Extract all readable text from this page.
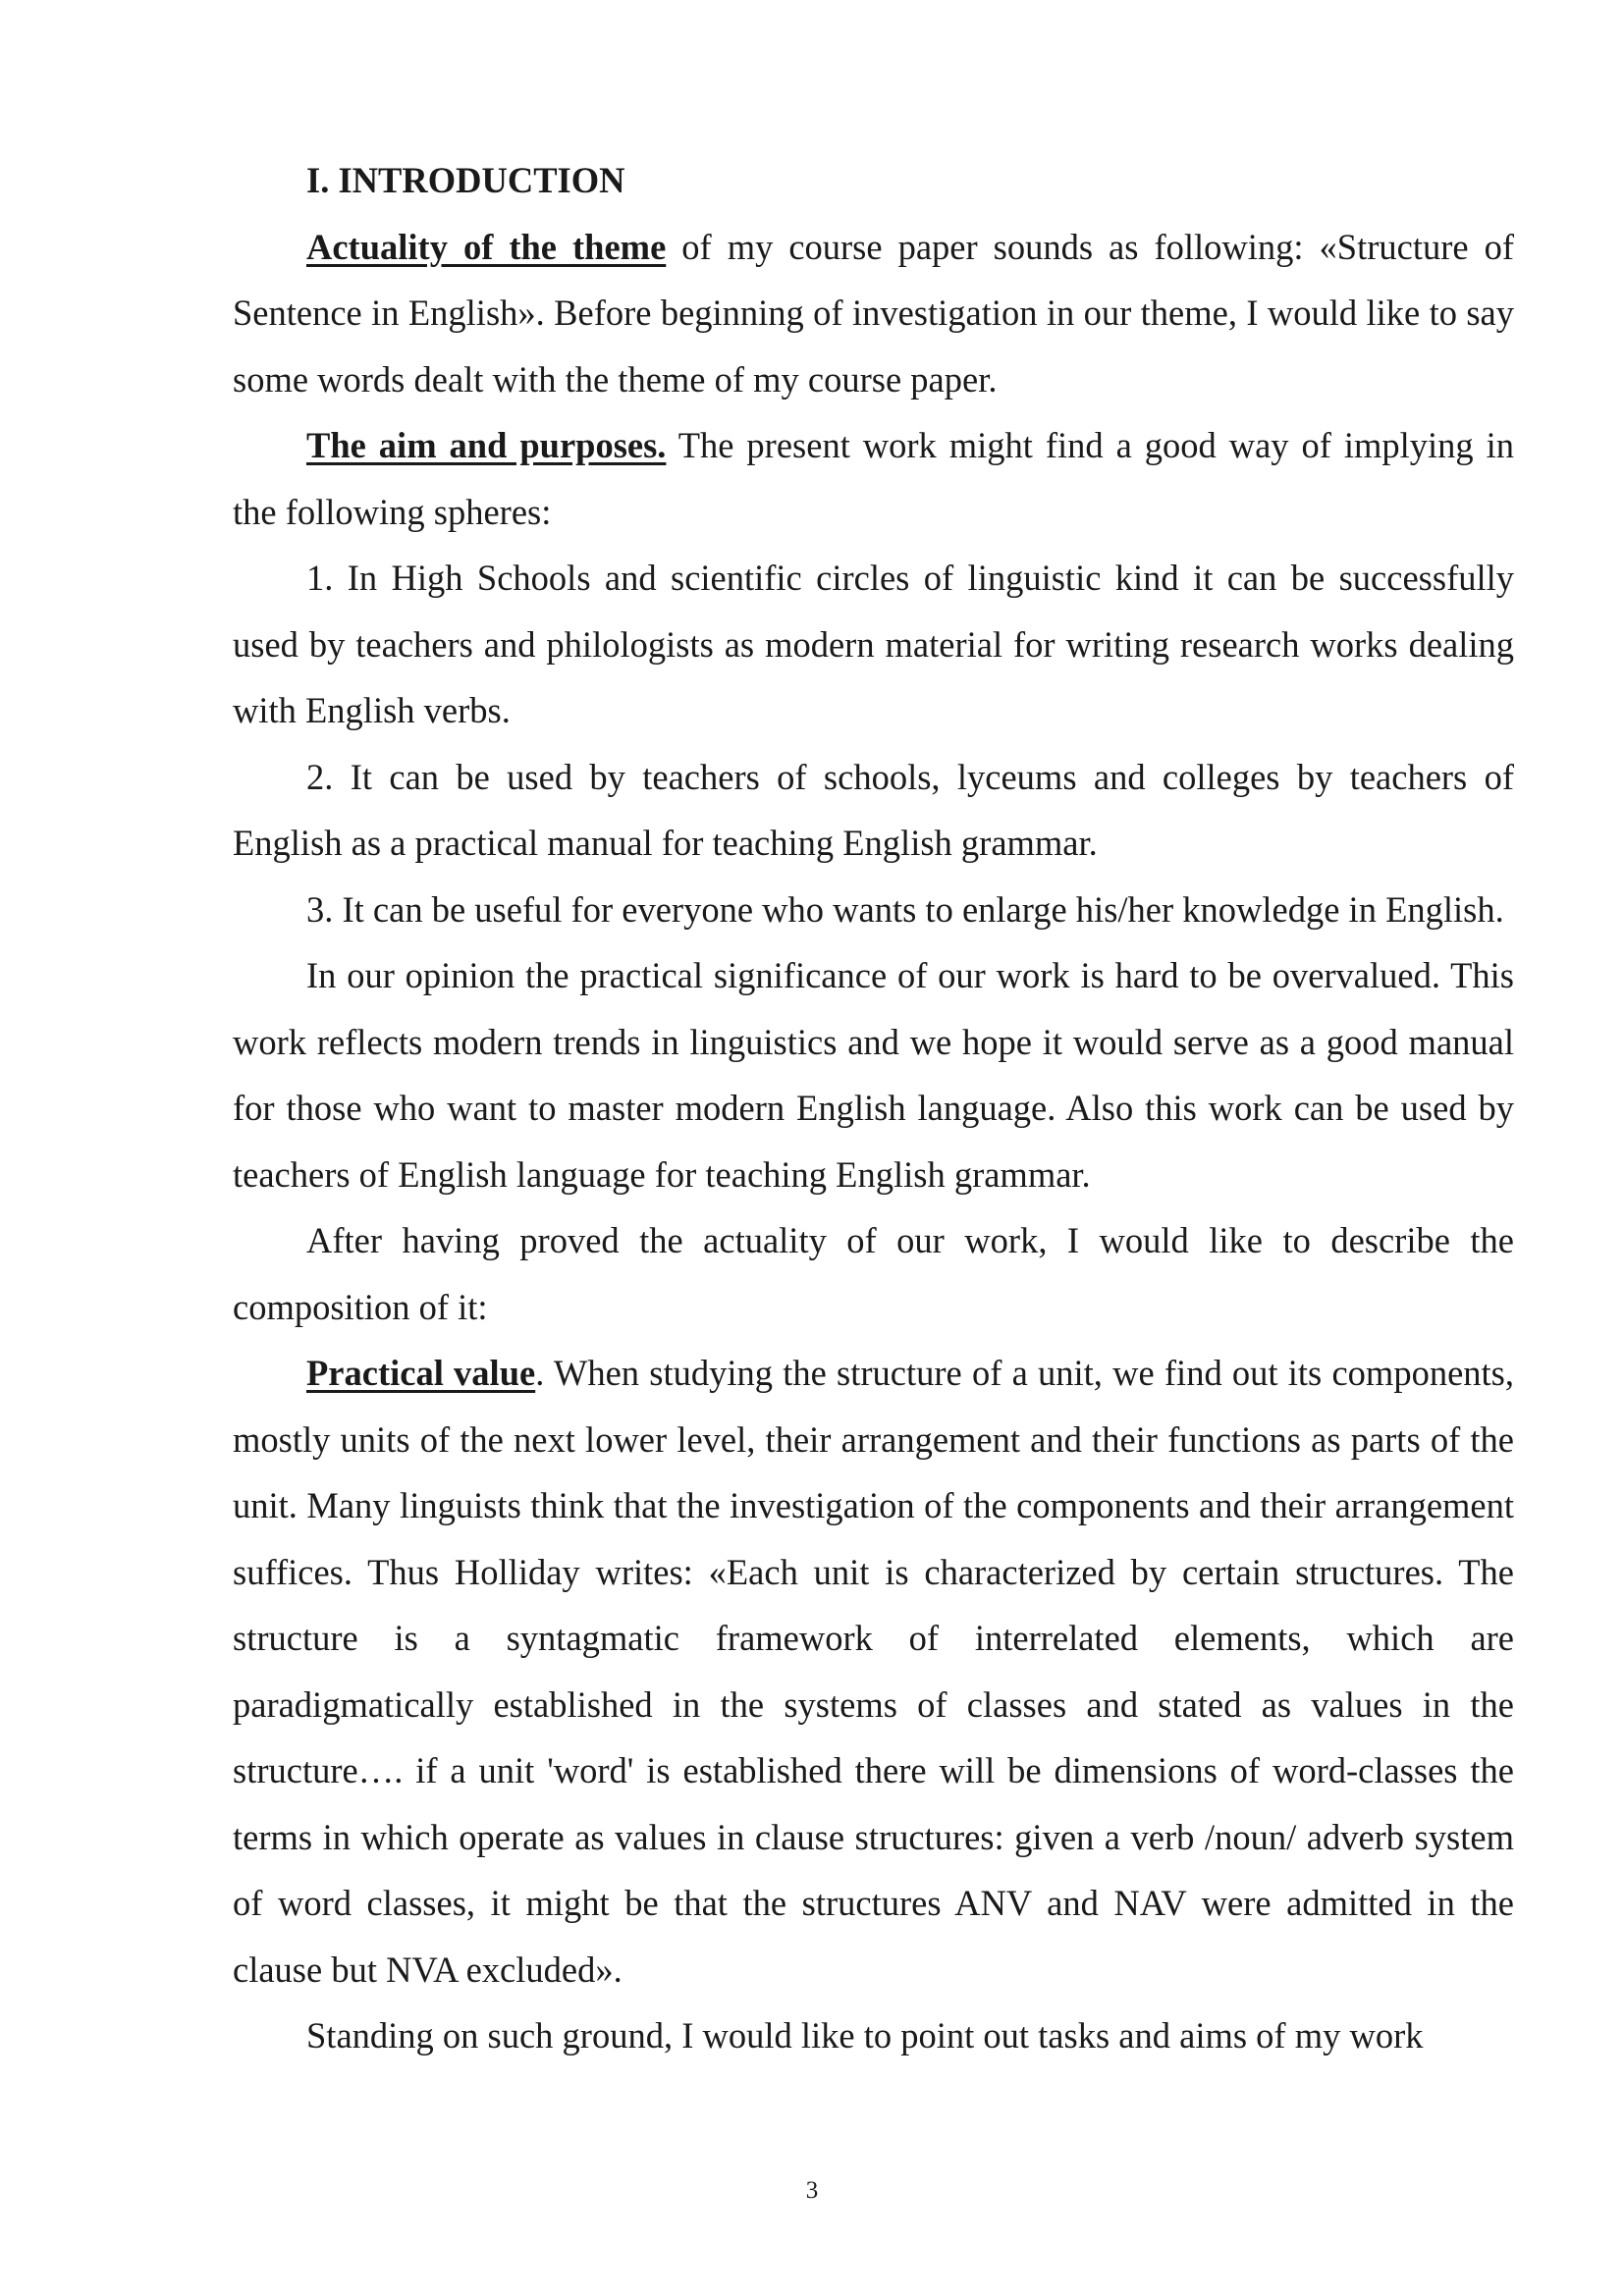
I. INTRODUCTION

Actuality of the theme of my course paper sounds as following: «Structure of Sentence in English». Before beginning of investigation in our theme, I would like to say some words dealt with the theme of my course paper.

The aim and purposes. The present work might find a good way of implying in the following spheres:

1. In High Schools and scientific circles of linguistic kind it can be successfully used by teachers and philologists as modern material for writing research works dealing with English verbs.

2. It can be used by teachers of schools, lyceums and colleges by teachers of English as a practical manual for teaching English grammar.

3. It can be useful for everyone who wants to enlarge his/her knowledge in English.

In our opinion the practical significance of our work is hard to be overvalued. This work reflects modern trends in linguistics and we hope it would serve as a good manual for those who want to master modern English language. Also this work can be used by teachers of English language for teaching English grammar.

After having proved the actuality of our work, I would like to describe the composition of it:

Practical value. When studying the structure of a unit, we find out its components, mostly units of the next lower level, their arrangement and their functions as parts of the unit. Many linguists think that the investigation of the components and their arrangement suffices. Thus Holliday writes: «Each unit is characterized by certain structures. The structure is a syntagmatic framework of interrelated elements, which are paradigmatically established in the systems of classes and stated as values in the structure…. if a unit 'word' is established there will be dimensions of word-classes the terms in which operate as values in clause structures: given a verb /noun/ adverb system of word classes, it might be that the structures ANV and NAV were admitted in the clause but NVA excluded».

Standing on such ground, I would like to point out tasks and aims of my work

3
